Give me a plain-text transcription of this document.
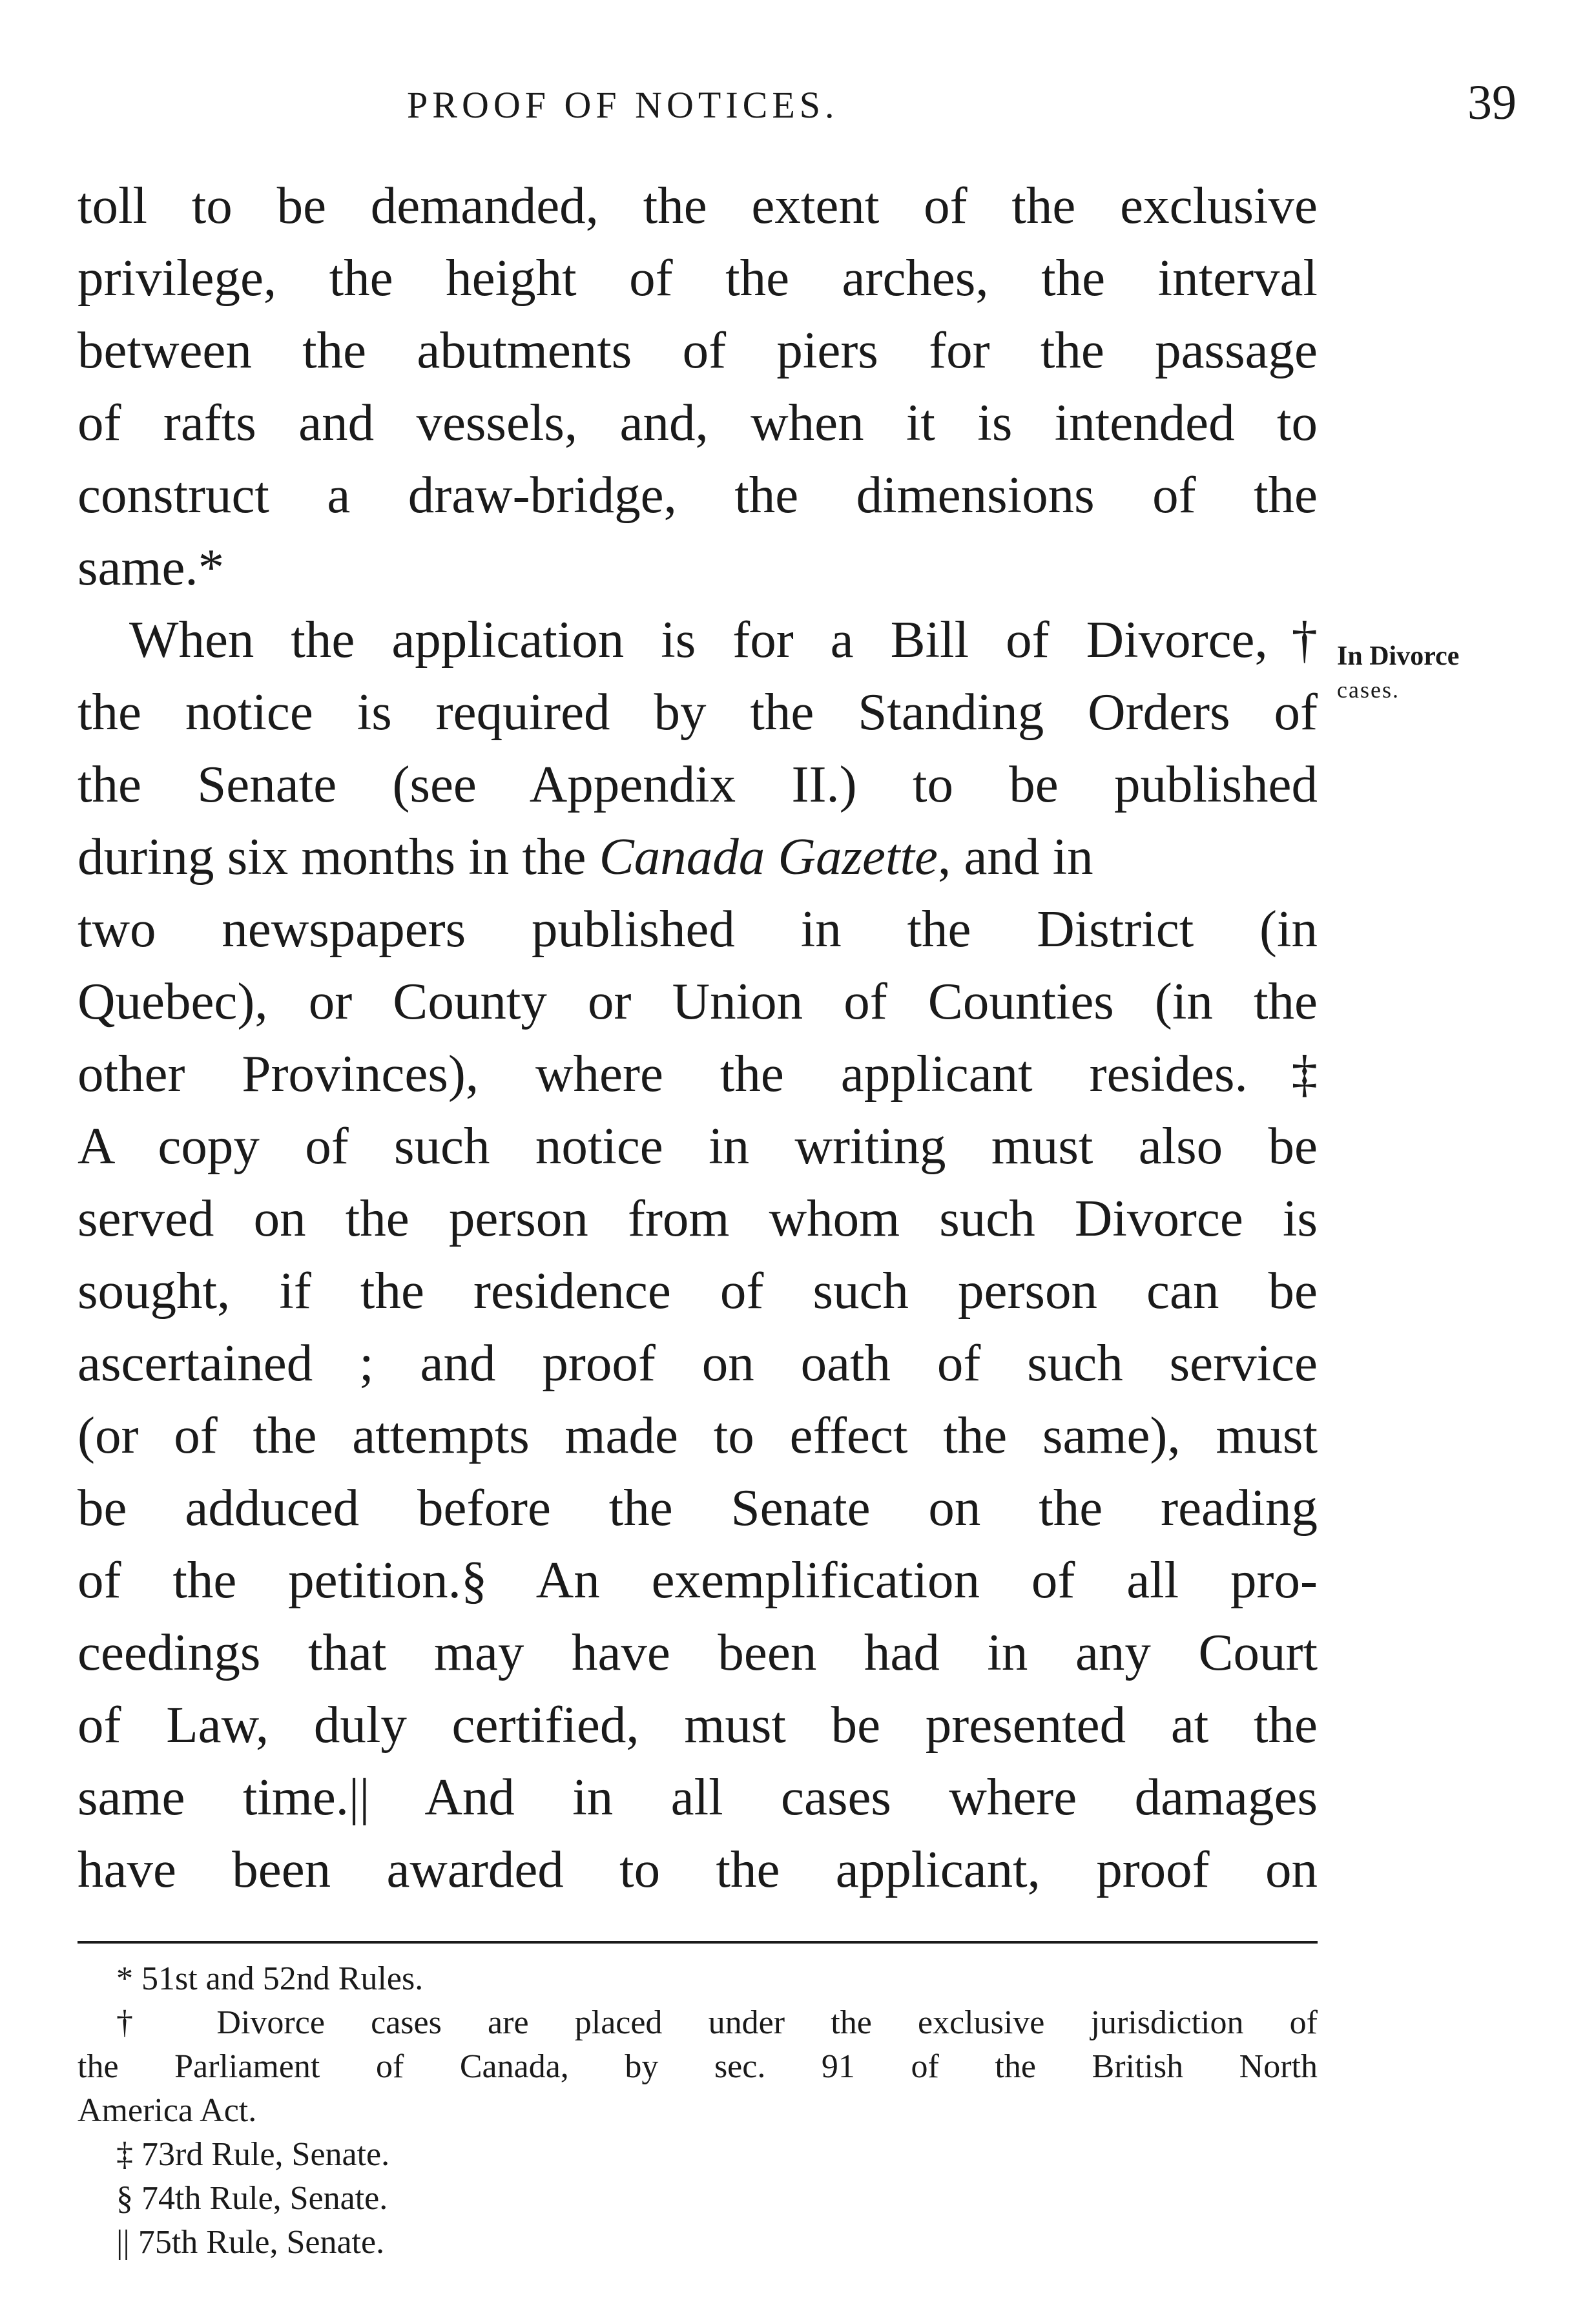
PROOF OF NOTICES.	39
toll to be demanded, the extent of the exclusive
privilege, the height of the arches, the interval
between the abutments of piers for the passage
of rafts and vessels, and, when it is intended to
construct a draw-bridge, the dimensions of the
same.*
When the application is for a Bill of Divorce,†
the notice is required by the Standing Orders of
the Senate (see Appendix II.) to be published
during six months in the Canada Gazette, and in
two newspapers published in the District (in
Quebec), or County or Union of Counties (in the
other Provinces), where the applicant resides.‡
A copy of such notice in writing must also be
served on the person from whom such Divorce is
sought, if the residence of such person can be
ascertained ; and proof on oath of such service
(or of the attempts made to effect the same), must
be adduced before the Senate on the reading
of the petition.§ An exemplification of all pro-
ceedings that may have been had in any Court
of Law, duly certified, must be presented at the
same time.|| And in all cases where damages
have been awarded to the applicant, proof on
In Divorce
cases.
* 51st and 52nd Rules.
† Divorce cases are placed under the exclusive jurisdiction of
the Parliament of Canada, by sec. 91 of the British North
America Act.
‡ 73rd Rule, Senate.
§ 74th Rule, Senate.
|| 75th Rule, Senate.
